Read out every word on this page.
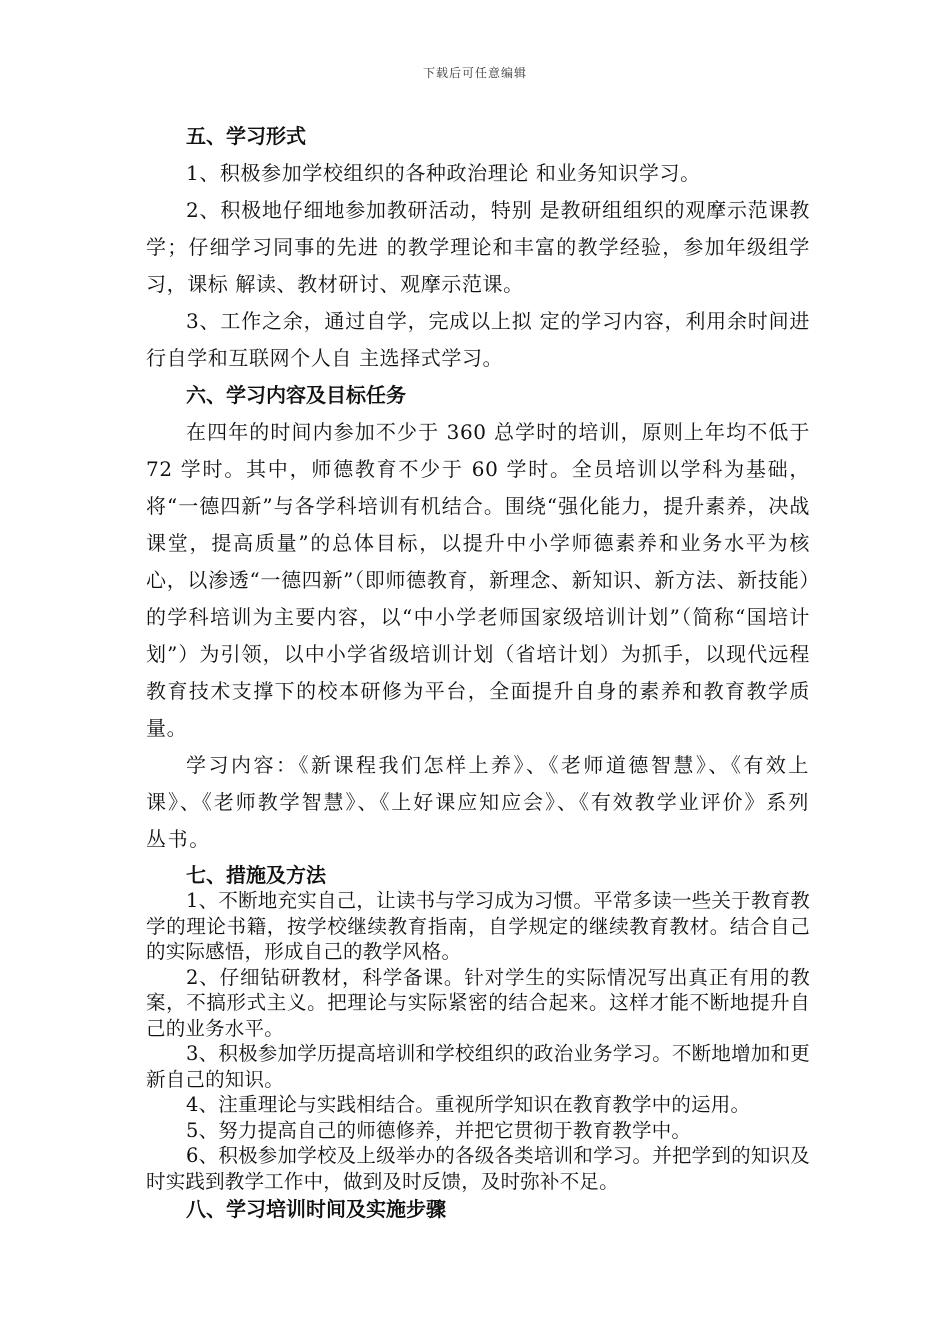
下载后可任意编辑

五、学习形式

1、积极参加学校组织的各种政治理论 和业务知识学习。

2、积极地仔细地参加教研活动，特别 是教研组组织的观摩示范课教学；仔细学习同事的先进 的教学理论和丰富的教学经验，参加年级组学习，课标 解读、教材研讨、观摩示范课。

3、工作之余，通过自学，完成以上拟 定的学习内容，利用余时间进行自学和互联网个人自 主选择式学习。

六、学习内容及目标任务

在四年的时间内参加不少于 360 总学时的培训，原则上年均不低于 72 学时。其中，师德教育不少于 60 学时。全员培训以学科为基础，将“一德四新”与各学科培训有机结合。围绕“强化能力，提升素养，决战课堂，提高质量”的总体目标，以提升中小学师德素养和业务水平为核心，以渗透“一德四新”（即师德教育，新理念、新知识、新方法、新技能）的学科培训为主要内容，以“中小学老师国家级培训计划”（简称“国培计划”）为引领，以中小学省级培训计划（省培计划）为抓手，以现代远程教育技术支撑下的校本研修为平台，全面提升自身的素养和教育教学质量。

学习内容：《新课程我们怎样上养》、《老师道德智慧》、《有效上课》、《老师教学智慧》、《上好课应知应会》、《有效教学业评价》系列丛书。

七、措施及方法

1、不断地充实自己，让读书与学习成为习惯。平常多读一些关于教育教学的理论书籍，按学校继续教育指南，自学规定的继续教育教材。结合自己的实际感悟，形成自己的教学风格。

2、仔细钻研教材，科学备课。针对学生的实际情况写出真正有用的教案，不搞形式主义。把理论与实际紧密的结合起来。这样才能不断地提升自己的业务水平。

3、积极参加学历提高培训和学校组织的政治业务学习。不断地增加和更新自己的知识。

4、注重理论与实践相结合。重视所学知识在教育教学中的运用。

5、努力提高自己的师德修养，并把它贯彻于教育教学中。

6、积极参加学校及上级举办的各级各类培训和学习。并把学到的知识及时实践到教学工作中，做到及时反馈，及时弥补不足。

八、学习培训时间及实施步骤
